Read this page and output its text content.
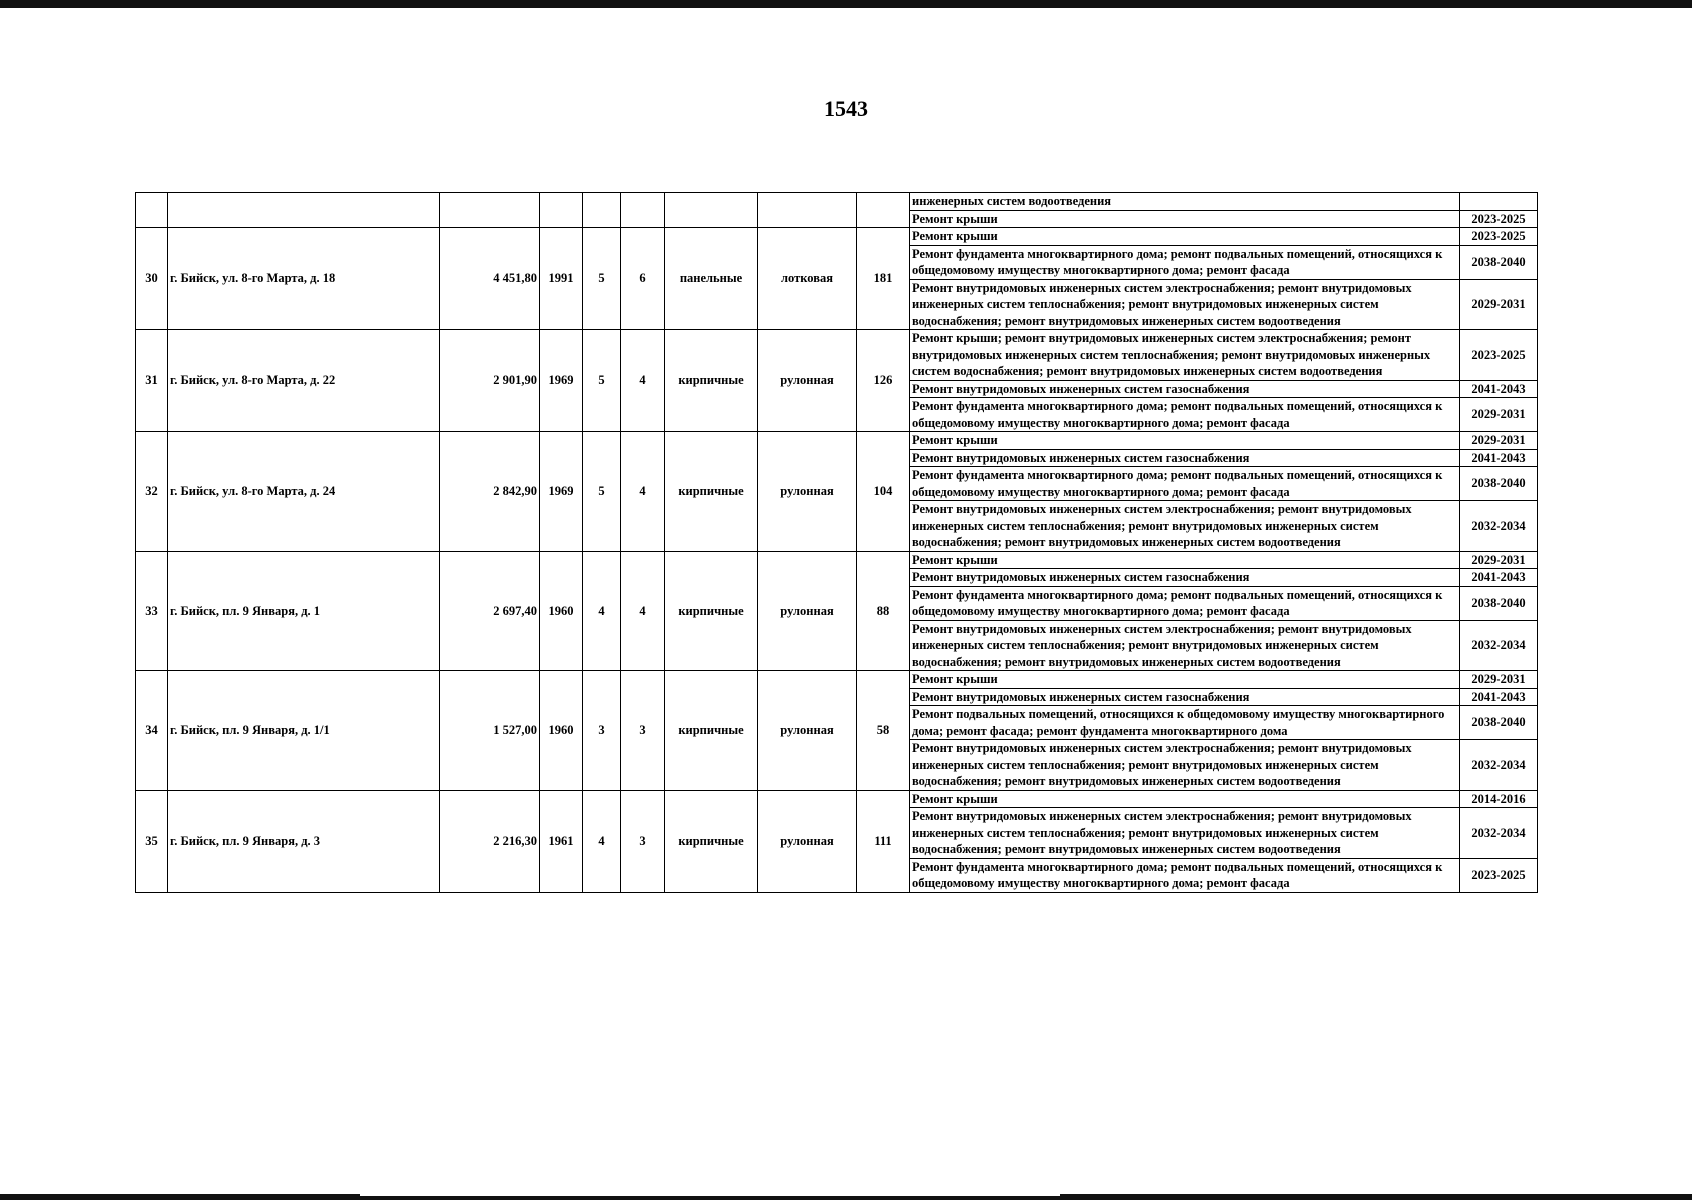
1543
									инженерных систем водоотведения	
									Ремонт крыши	2023-2025
30	г. Бийск, ул. 8-го Марта, д. 18	4 451,80	1991	5	6	панельные	лотковая	181	Ремонт крыши	2023-2025
									Ремонт фундамента многоквартирного дома; ремонт подвальных помещений, относящихся к общедомовому имуществу многоквартирного дома; ремонт фасада	2038-2040
									Ремонт внутридомовых инженерных систем электроснабжения; ремонт внутридомовых инженерных систем теплоснабжения; ремонт внутридомовых инженерных систем водоснабжения; ремонт внутридомовых инженерных систем водоотведения	2029-2031
31	г. Бийск, ул. 8-го Марта, д. 22	2 901,90	1969	5	4	кирпичные	рулонная	126	Ремонт крыши; ремонт внутридомовых инженерных систем электроснабжения; ремонт внутридомовых инженерных систем теплоснабжения; ремонт внутридомовых инженерных систем водоснабжения; ремонт внутридомовых инженерных систем водоотведения	2023-2025
									Ремонт внутридомовых инженерных систем газоснабжения	2041-2043
									Ремонт фундамента многоквартирного дома; ремонт подвальных помещений, относящихся к общедомовому имуществу многоквартирного дома; ремонт фасада	2029-2031
32	г. Бийск, ул. 8-го Марта, д. 24	2 842,90	1969	5	4	кирпичные	рулонная	104	Ремонт крыши	2029-2031
									Ремонт внутридомовых инженерных систем газоснабжения	2041-2043
									Ремонт фундамента многоквартирного дома; ремонт подвальных помещений, относящихся к общедомовому имуществу многоквартирного дома; ремонт фасада	2038-2040
									Ремонт внутридомовых инженерных систем электроснабжения; ремонт внутридомовых инженерных систем теплоснабжения; ремонт внутридомовых инженерных систем водоснабжения; ремонт внутридомовых инженерных систем водоотведения	2032-2034
33	г. Бийск, пл. 9 Января, д. 1	2 697,40	1960	4	4	кирпичные	рулонная	88	Ремонт крыши	2029-2031
									Ремонт внутридомовых инженерных систем газоснабжения	2041-2043
									Ремонт фундамента многоквартирного дома; ремонт подвальных помещений, относящихся к общедомовому имуществу многоквартирного дома; ремонт фасада	2038-2040
									Ремонт внутридомовых инженерных систем электроснабжения; ремонт внутридомовых инженерных систем теплоснабжения; ремонт внутридомовых инженерных систем водоснабжения; ремонт внутридомовых инженерных систем водоотведения	2032-2034
34	г. Бийск, пл. 9 Января, д. 1/1	1 527,00	1960	3	3	кирпичные	рулонная	58	Ремонт крыши	2029-2031
									Ремонт внутридомовых инженерных систем газоснабжения	2041-2043
									Ремонт подвальных помещений, относящихся к общедомовому имуществу многоквартирного дома; ремонт фасада; ремонт фундамента многоквартирного дома	2038-2040
									Ремонт внутридомовых инженерных систем электроснабжения; ремонт внутридомовых инженерных систем теплоснабжения; ремонт внутридомовых инженерных систем водоснабжения; ремонт внутридомовых инженерных систем водоотведения	2032-2034
35	г. Бийск, пл. 9 Января, д. 3	2 216,30	1961	4	3	кирпичные	рулонная	111	Ремонт крыши	2014-2016
									Ремонт внутридомовых инженерных систем электроснабжения; ремонт внутридомовых инженерных систем теплоснабжения; ремонт внутридомовых инженерных систем водоснабжения; ремонт внутридомовых инженерных систем водоотведения	2032-2034
									Ремонт фундамента многоквартирного дома; ремонт подвальных помещений, относящихся к общедомовому имуществу многоквартирного дома; ремонт фасада	2023-2025
